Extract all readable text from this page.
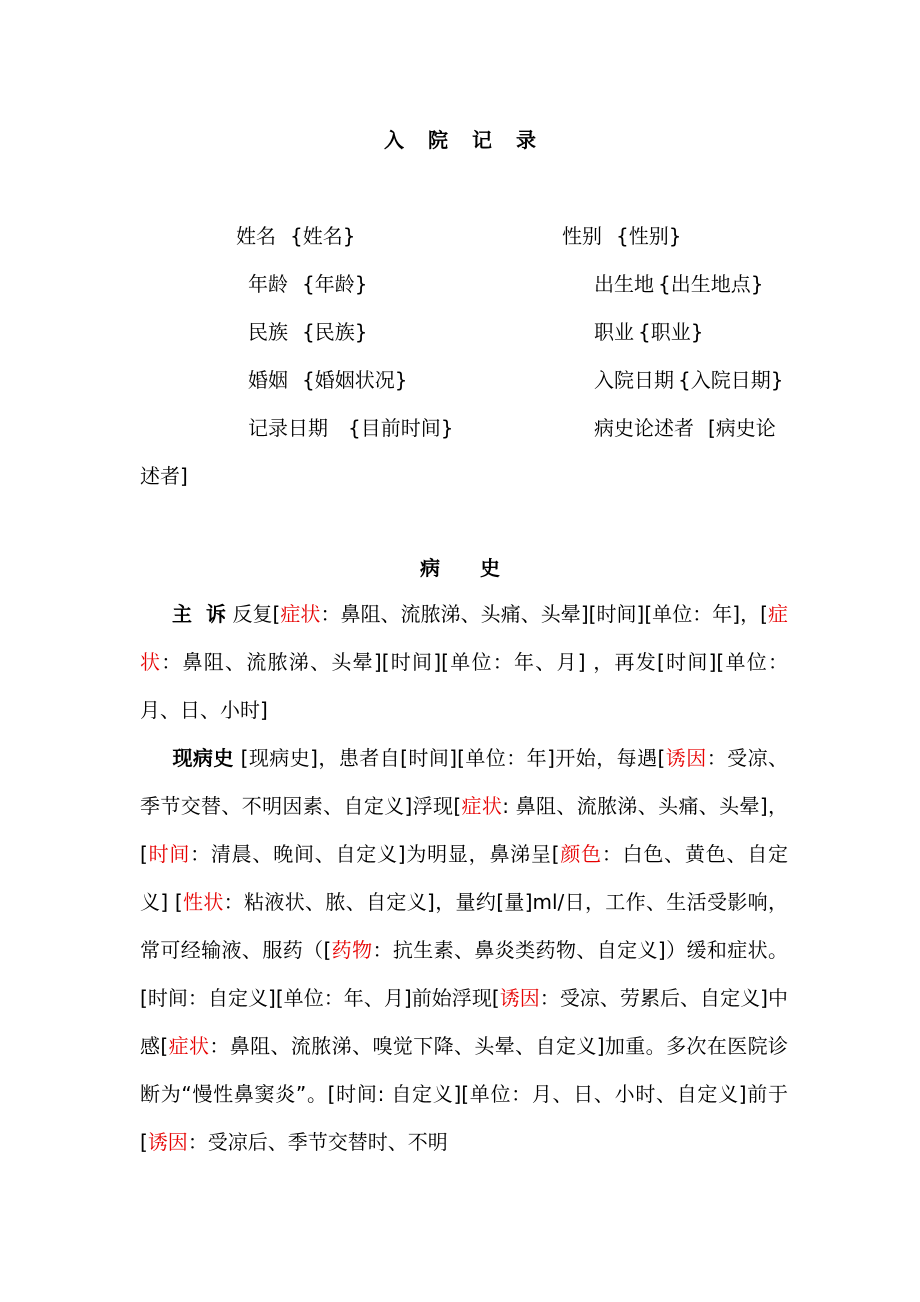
入院记录
姓名 {姓名}	性别 {性别}
年龄 {年龄}	出生地 {出生地点}
民族 {民族}	职业 {职业}
婚姻 {婚姻状况}	入院日期 {入院日期}
记录日期 {目前时间}	病史论述者 [病史论
述者]
病史
主  诉 反复[症状：鼻阻、流脓涕、头痛、头晕][时间][单位：年]，[症状：鼻阻、流脓涕、头晕][时间][单位：年、月] ，再发[时间][单位：月、日、小时]
现病史 [现病史]，患者自[时间][单位：年]开始，每遇[诱因：受凉、季节交替、不明因素、自定义]浮现[症状: 鼻阻、流脓涕、头痛、头晕]，[时间：清晨、晚间、自定义]为明显，鼻涕呈[颜色：白色、黄色、自定义] [性状：粘液状、脓、自定义]，量约[量]ml/日，工作、生活受影响，常可经输液、服药（[药物：抗生素、鼻炎类药物、自定义]）缓和症状。[时间：自定义][单位：年、月]前始浮现[诱因：受凉、劳累后、自定义]中感[症状：鼻阻、流脓涕、嗅觉下降、头晕、自定义]加重。多次在医院诊断为“慢性鼻窦炎”。[时间: 自定义][单位：月、日、小时、自定义]前于[诱因：受凉后、季节交替时、不明
